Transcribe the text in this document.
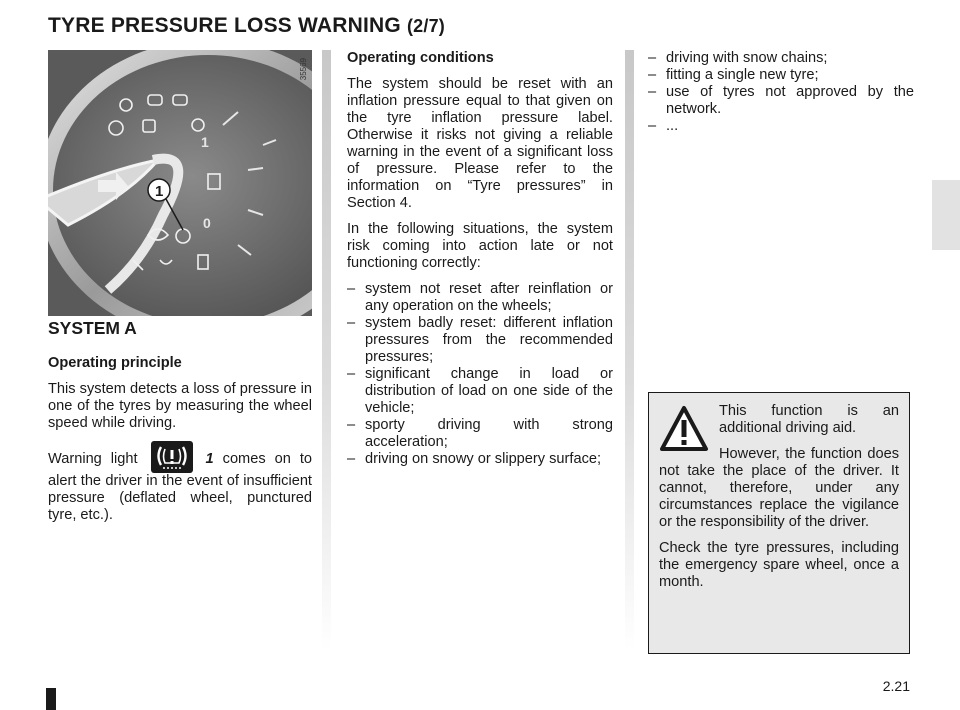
TYRE PRESSURE LOSS WARNING (2/7)
1
0
1
35569
SYSTEM A
Operating principle

This system detects a loss of pressure in one of the tyres by measuring the wheel speed while driving.

Warning light	1 comes on to alert the driver in the event of insufficient pressure (deflated wheel, punctured tyre, etc.).

Operating conditions

The system should be reset with an inflation pressure equal to that given on the tyre inflation pressure label. Otherwise it risks not giving a reliable warning in the event of a significant loss of pressure. Please refer to the information on “Tyre pressures” in Section 4.

In the following situations, the system risk coming into action late or not functioning correctly:

– system not reset after reinflation or any operation on the wheels;
– system badly reset: different inflation pressures from the recommended pressures;
– significant change in load or distribution of load on one side of the vehicle;
– sporty driving with strong acceleration;
– driving on snowy or slippery surface;
– driving with snow chains;
– fitting a single new tyre;
– use of tyres not approved by the network.
– ...

This function is an additional driving aid.

However, the function does not take the place of the driver. It cannot, therefore, under any circumstances replace the vigilance or the responsibility of the driver.

Check the tyre pressures, including the emergency spare wheel, once a month.

2.21
